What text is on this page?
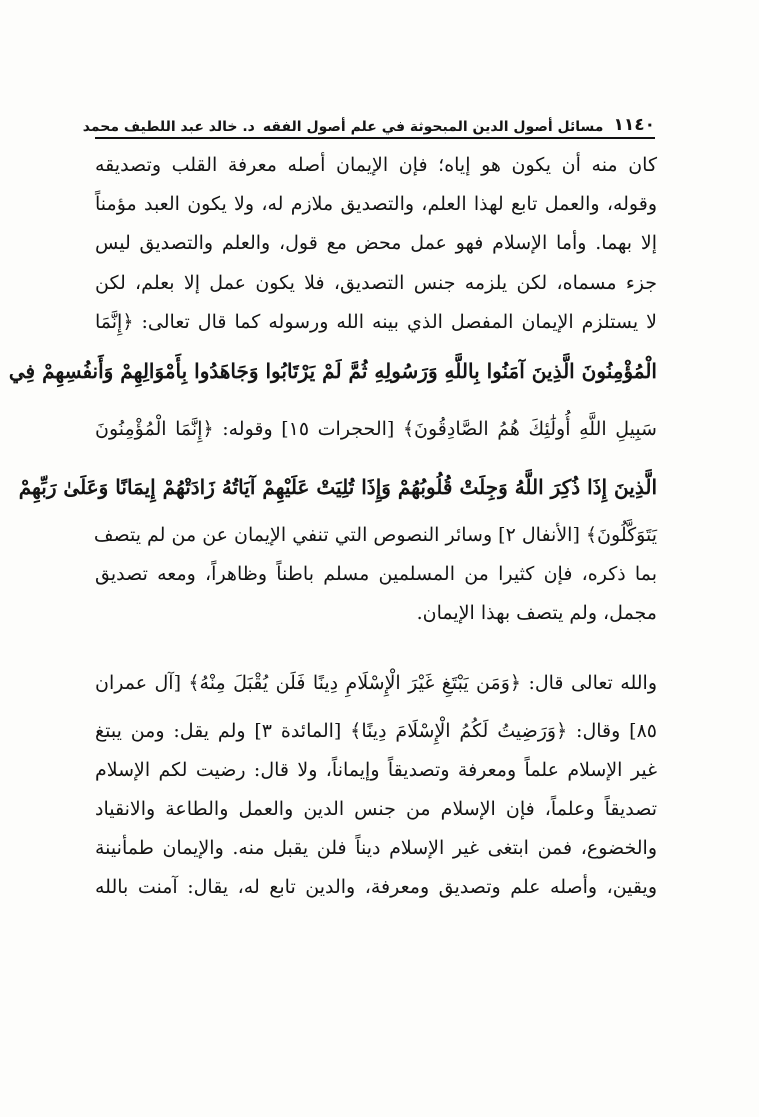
١١٤٠
مسائل أصول الدين المبحوثة في علم أصول الفقه
د. خالد عبد اللطيف محمد
كان منه أن يكون هو إياه؛ فإن الإيمان أصله معرفة القلب وتصديقه
وقوله، والعمل تابع لهذا العلم، والتصديق ملازم له، ولا يكون العبد مؤمناً
إلا بهما. وأما الإسلام فهو عمل محض مع قول، والعلم والتصديق ليس
جزء مسماه، لكن يلزمه جنس التصديق، فلا يكون عمل إلا بعلم، لكن
لا يستلزم الإيمان المفصل الذي بينه الله ورسوله كما قال تعالى: ﴿إِنَّمَا
الْمُؤْمِنُونَ الَّذِينَ آمَنُوا بِاللَّهِ وَرَسُولِهِ ثُمَّ لَمْ يَرْتَابُوا وَجَاهَدُوا بِأَمْوَالِهِمْ وَأَنفُسِهِمْ فِي
سَبِيلِ اللَّهِ أُولَٰئِكَ هُمُ الصَّادِقُونَ﴾ [الحجرات ١٥] وقوله: ﴿إِنَّمَا الْمُؤْمِنُونَ
الَّذِينَ إِذَا ذُكِرَ اللَّهُ وَجِلَتْ قُلُوبُهُمْ وَإِذَا تُلِيَتْ عَلَيْهِمْ آيَاتُهُ زَادَتْهُمْ إِيمَانًا وَعَلَىٰ رَبِّهِمْ
يَتَوَكَّلُونَ﴾ [الأنفال ٢] وسائر النصوص التي تنفي الإيمان عن من لم يتصف
بما ذكره، فإن كثيرا من المسلمين مسلم باطناً وظاهراً، ومعه تصديق
مجمل، ولم يتصف بهذا الإيمان.
والله تعالى قال: ﴿وَمَن يَبْتَغِ غَيْرَ الْإِسْلَامِ دِينًا فَلَن يُقْبَلَ مِنْهُ﴾ [آل عمران
٨٥] وقال: ﴿وَرَضِيتُ لَكُمُ الْإِسْلَامَ دِينًا﴾ [المائدة ٣] ولم يقل: ومن يبتغ
غير الإسلام علماً ومعرفة وتصديقاً وإيماناً، ولا قال: رضيت لكم الإسلام
تصديقاً وعلماً، فإن الإسلام من جنس الدين والعمل والطاعة والانقياد
والخضوع، فمن ابتغى غير الإسلام ديناً فلن يقبل منه. والإيمان طمأنينة
ويقين، وأصله علم وتصديق ومعرفة، والدين تابع له، يقال: آمنت بالله
